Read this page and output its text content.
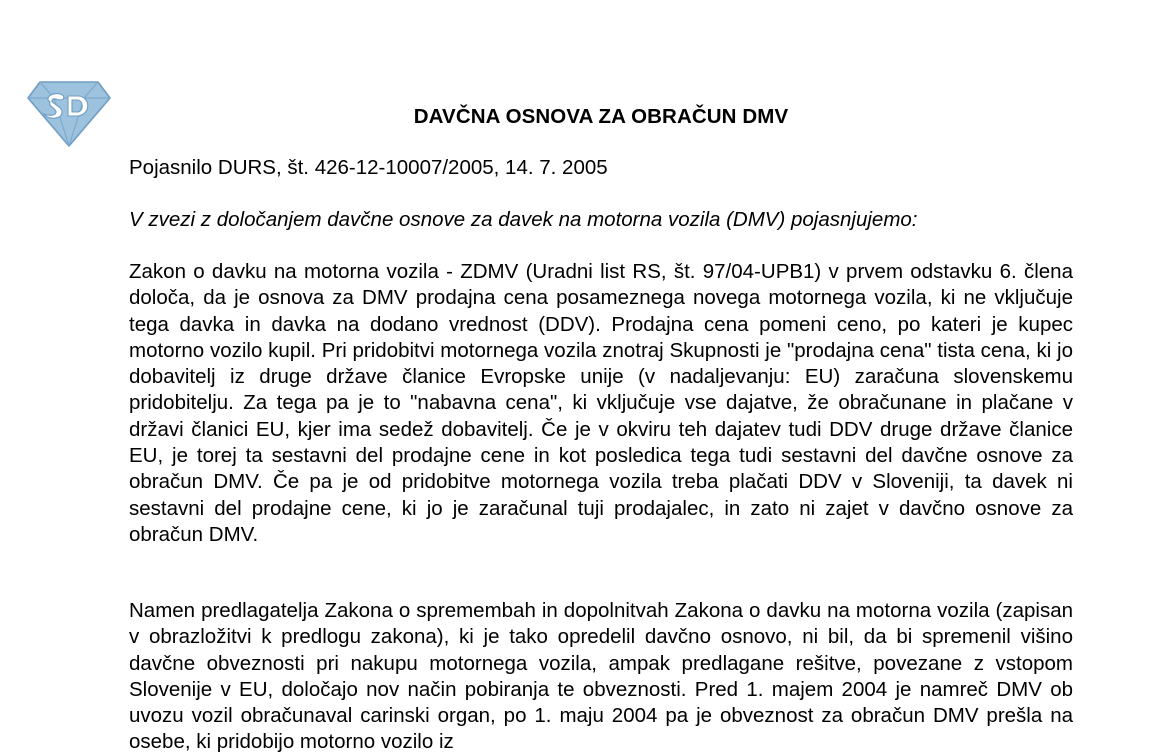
DAVČNA OSNOVA ZA OBRAČUN DMV

Pojasnilo DURS, št. 426-12-10007/2005, 14. 7. 2005

V zvezi z določanjem davčne osnove za davek na motorna vozila (DMV) pojasnjujemo:

Zakon o davku na motorna vozila - ZDMV (Uradni list RS, št. 97/04-UPB1) v prvem odstavku 6. člena določa, da je osnova za DMV prodajna cena posameznega novega motornega vozila, ki ne vključuje tega davka in davka na dodano vrednost (DDV). Prodajna cena pomeni ceno, po kateri je kupec motorno vozilo kupil. Pri pridobitvi motornega vozila znotraj Skupnosti je "prodajna cena" tista cena, ki jo dobavitelj iz druge države članice Evropske unije (v nadaljevanju: EU) zaračuna slovenskemu pridobitelju. Za tega pa je to "nabavna cena", ki vključuje vse dajatve, že obračunane in plačane v državi članici EU, kjer ima sedež dobavitelj. Če je v okviru teh dajatev tudi DDV druge države članice EU, je torej ta sestavni del prodajne cene in kot posledica tega tudi sestavni del davčne osnove za obračun DMV. Če pa je od pridobitve motornega vozila treba plačati DDV v Sloveniji, ta davek ni sestavni del prodajne cene, ki jo je zaračunal tuji prodajalec, in zato ni zajet v davčno osnove za obračun DMV.

Namen predlagatelja Zakona o spremembah in dopolnitvah Zakona o davku na motorna vozila (zapisan v obrazložitvi k predlogu zakona), ki je tako opredelil davčno osnovo, ni bil, da bi spremenil višino davčne obveznosti pri nakupu motornega vozila, ampak predlagane rešitve, povezane z vstopom Slovenije v EU, določajo nov način pobiranja te obveznosti. Pred 1. majem 2004 je namreč DMV ob uvozu vozil obračunaval carinski organ, po 1. maju 2004 pa je obveznost za obračun DMV prešla na osebe, ki pridobijo motorno vozilo iz
